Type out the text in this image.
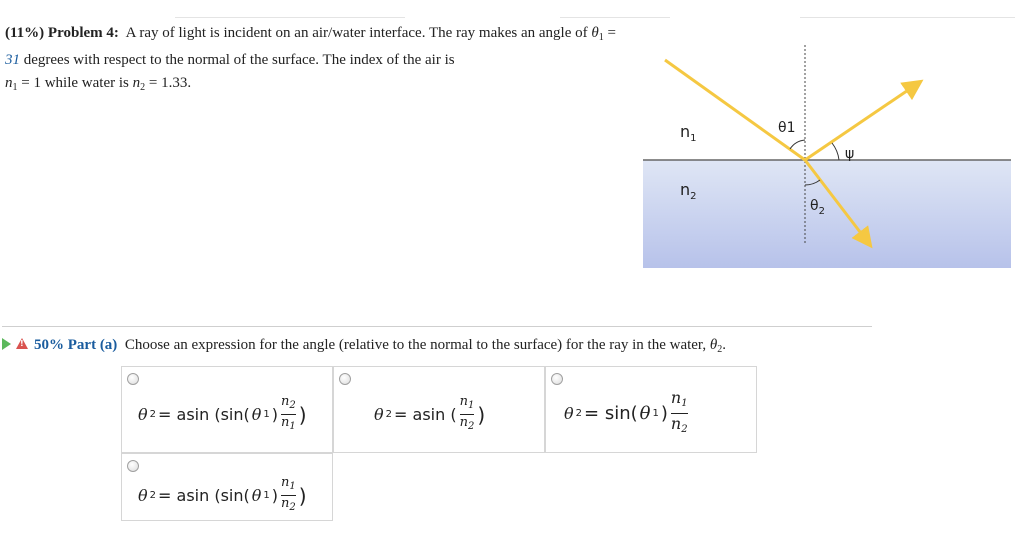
(11%) Problem 4: A ray of light is incident on an air/water interface. The ray makes an angle of $\theta_1 = 31$ degrees with respect to the normal of the surface. The index of the air is
$n_1 = 1$ while water is $n_2 = 1.33$.
$n_1$
$n_2$
θ1
ψ
$\theta_2$
!50% Part (a) Choose an expression for the angle (relative to the normal to the surface) for the ray in the water, $\theta_2$.
θ 2 = asin (sin( θ 1 ) $\frac{n_2}{n_1}$ )	θ 2 = asin ( $\frac{n_1}{n_2}$ )	θ 2 = sin( θ 1 ) $\frac{n_1}{n_2}$
θ 2 = asin (sin( θ 1 ) $\frac{n_1}{n_2}$ )
